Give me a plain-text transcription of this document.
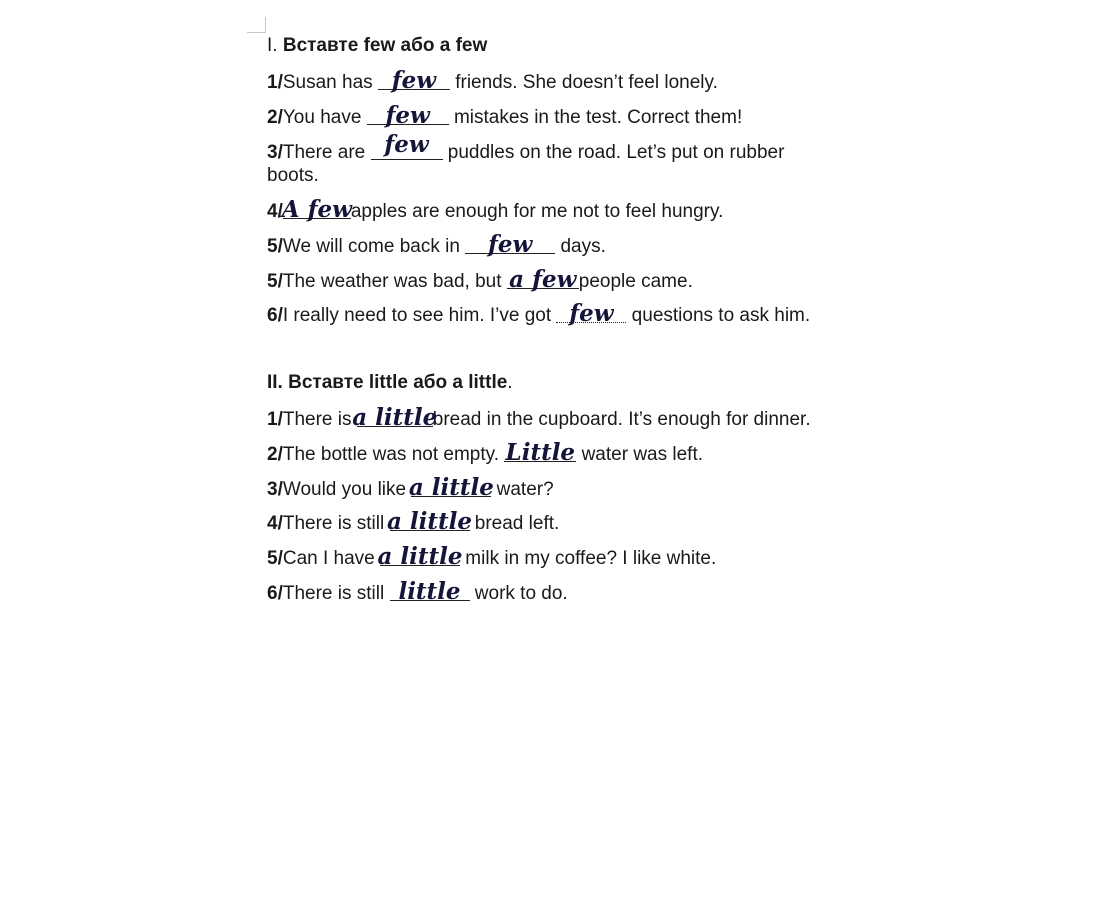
I. Вставте few або a few
1/Susan has few friends. She doesn’t feel lonely.
2/You have few mistakes in the test. Correct them!
3/There are few puddles on the road. Let’s put on rubber
boots.
4/
A few
apples are enough for me not to feel hungry.
5/We will come back in few days.
5/The weather was bad, but a few people came.
6/I really need to see him. I’ve got few questions to ask him.
II. Вставте little або a little.
1/There is
a little
bread in the cupboard. It’s enough for dinner.
2/The bottle was not empty. Little water was left.
3/Would you like
a little
water?
4/There is still
a little
bread left.
5/Can I have
a little
milk in my coffee? I like white.
6/There is still little work to do.
